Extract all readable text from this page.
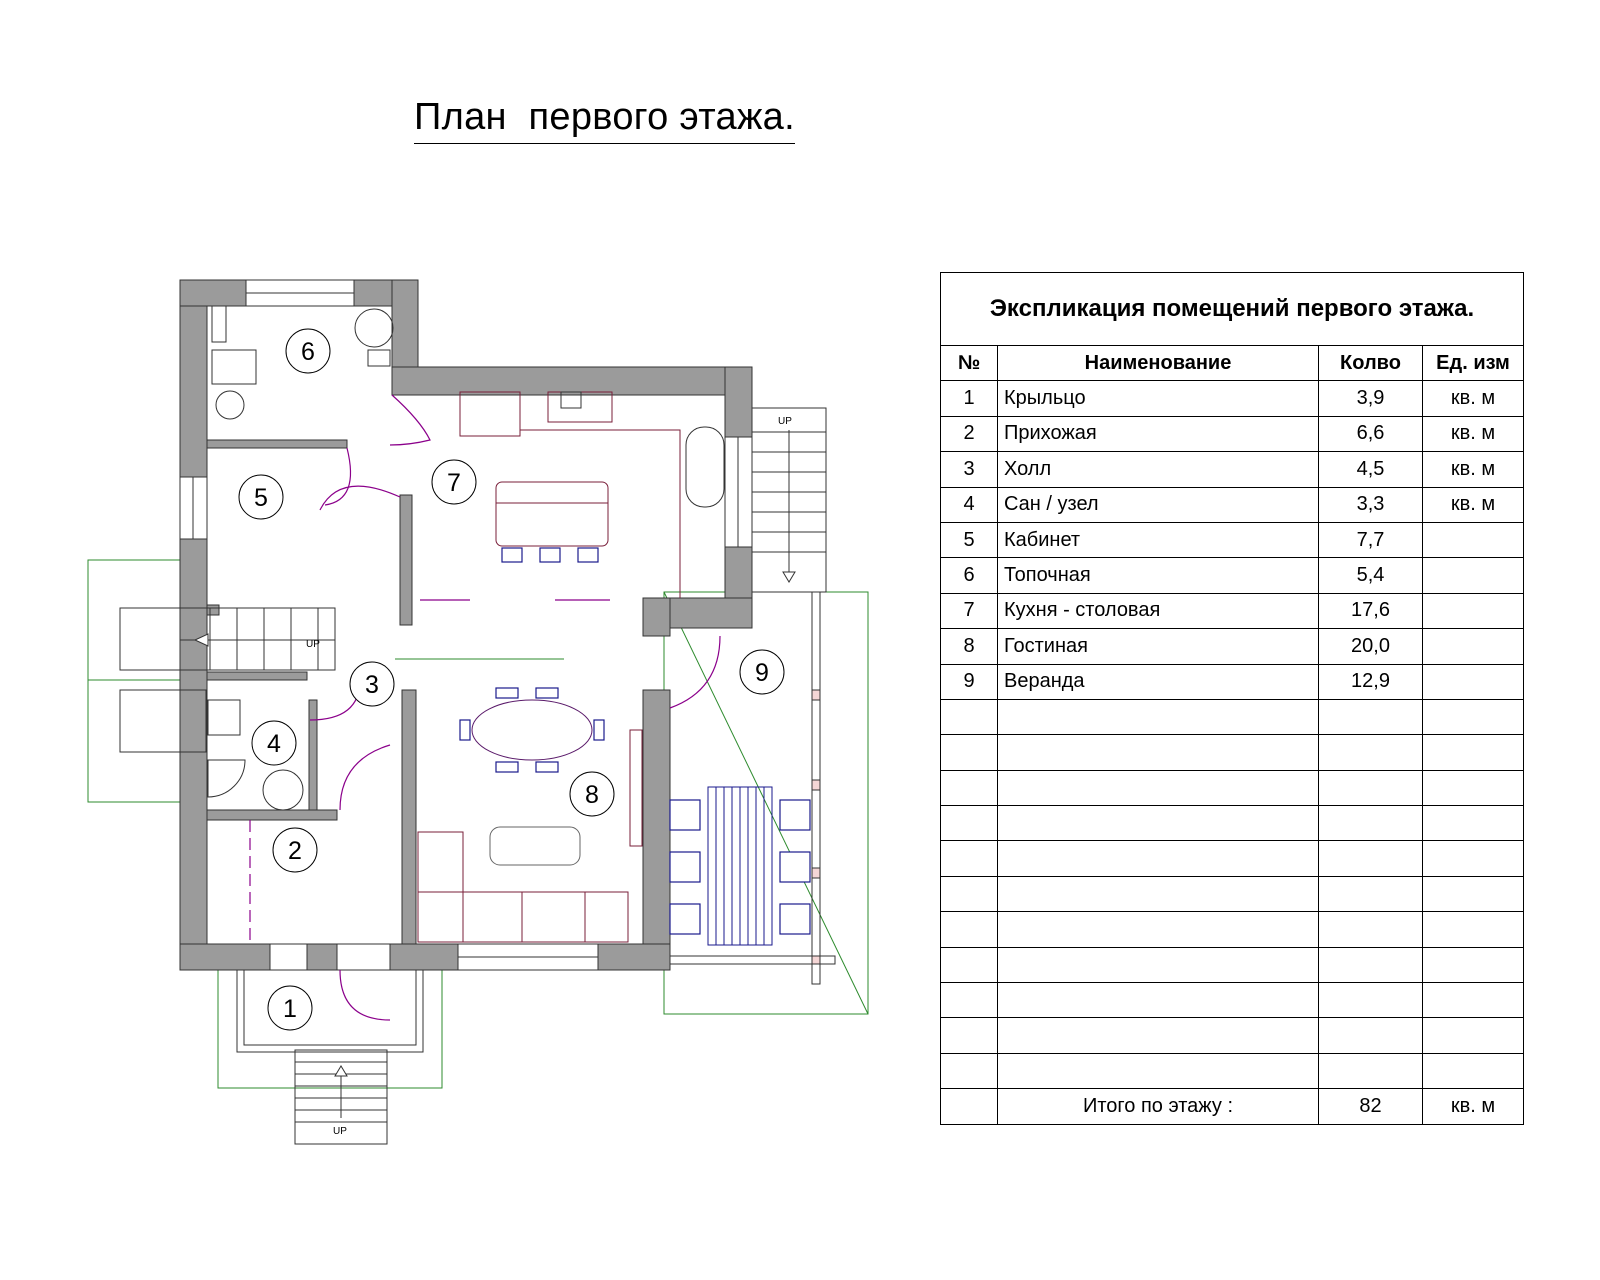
План  первого этажа.
UP
UP
UP
1
2
3
4
5
6
7
8
9
Экспликация помещений первого этажа.			
№	Наименование	Колво	Ед. изм
1	Крыльцо	3,9	кв. м
2	Прихожая	6,6	кв. м
3	Холл	4,5	кв. м
4	Сан / узел	3,3	кв. м
5	Кабинет	7,7	
6	Топочная	5,4	
7	Кухня - столовая	17,6	
8	Гостиная	20,0	
9	Веранда	12,9	

	Итого по этажу :	82	кв. м
